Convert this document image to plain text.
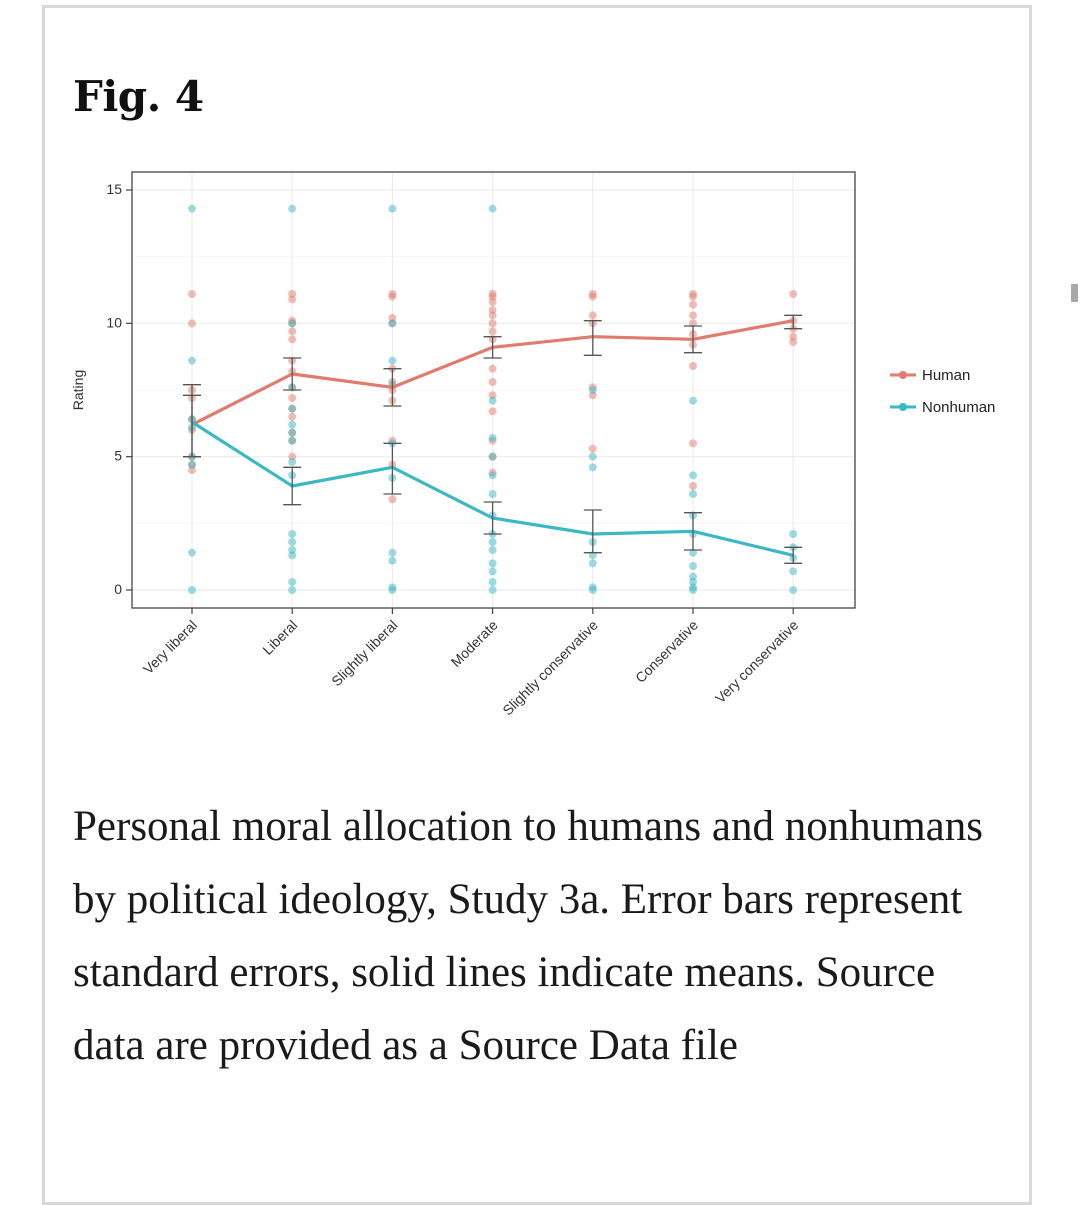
Fig. 4
0
5
10
15
Rating
Very liberal	Liberal Slightly liberal	Moderate
Slightly conservative Conservative Very conservative
Human
Nonhuman

Personal moral allocation to humans and nonhumans by political ideology, Study 3a. Error bars represent standard errors, solid lines indicate means. Source data are provided as a Source Data file
